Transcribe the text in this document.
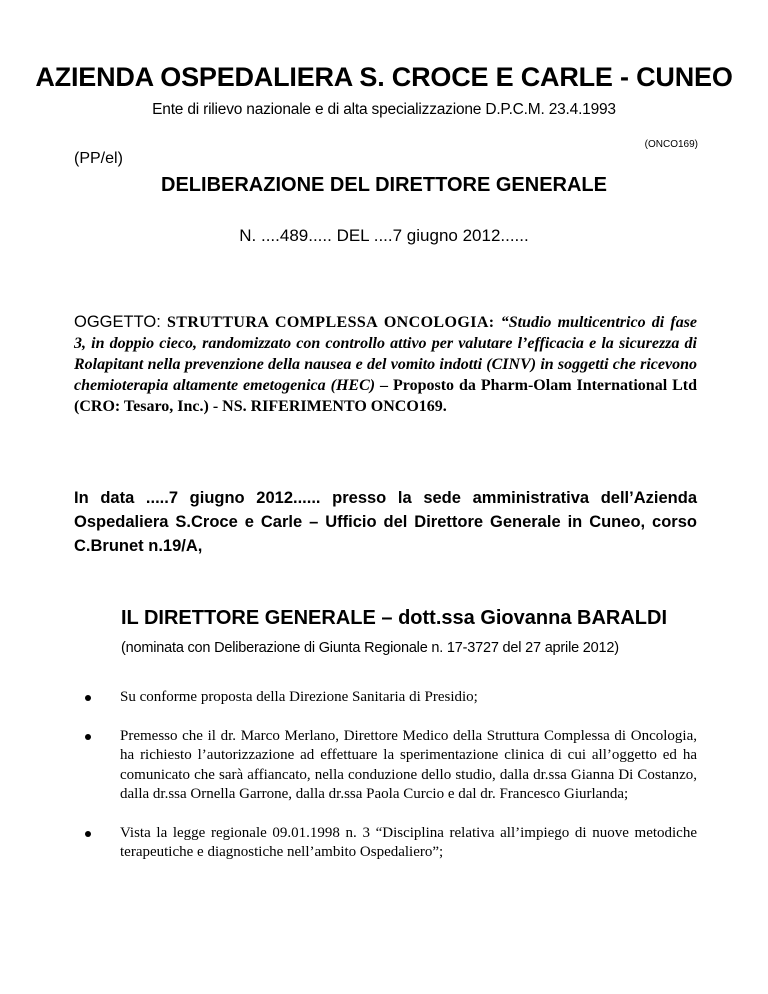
AZIENDA OSPEDALIERA S. CROCE E CARLE - CUNEO
Ente di rilievo nazionale e di alta specializzazione D.P.C.M. 23.4.1993
(ONCO169)
(PP/el)
DELIBERAZIONE DEL DIRETTORE GENERALE
N. ....489..... DEL ....7 giugno 2012......
OGGETTO: STRUTTURA COMPLESSA ONCOLOGIA: “Studio multicentrico di fase 3, in doppio cieco, randomizzato con controllo attivo per valutare l’efficacia e la sicurezza di Rolapitant nella prevenzione della nausea e del vomito indotti (CINV) in soggetti che ricevono chemioterapia altamente emetogenica (HEC) – Proposto da Pharm-Olam International Ltd (CRO: Tesaro, Inc.) - NS. RIFERIMENTO ONCO169.
In data .....7 giugno 2012...... presso la sede amministrativa dell’Azienda Ospedaliera S.Croce e Carle – Ufficio del Direttore Generale in Cuneo, corso C.Brunet n.19/A,
IL DIRETTORE GENERALE – dott.ssa Giovanna BARALDI
(nominata con Deliberazione di Giunta Regionale n. 17-3727 del 27 aprile 2012)
Su conforme proposta della Direzione Sanitaria di Presidio;
Premesso che il dr. Marco Merlano, Direttore Medico della Struttura Complessa di Oncologia, ha richiesto l’autorizzazione ad effettuare la sperimentazione clinica di cui all’oggetto ed ha comunicato che sarà affiancato, nella conduzione dello studio, dalla dr.ssa Gianna Di Costanzo, dalla dr.ssa Ornella Garrone, dalla dr.ssa Paola Curcio e dal dr. Francesco Giurlanda;
Vista la legge regionale 09.01.1998 n. 3 “Disciplina relativa all’impiego di nuove metodiche terapeutiche e diagnostiche nell’ambito Ospedaliero”;
